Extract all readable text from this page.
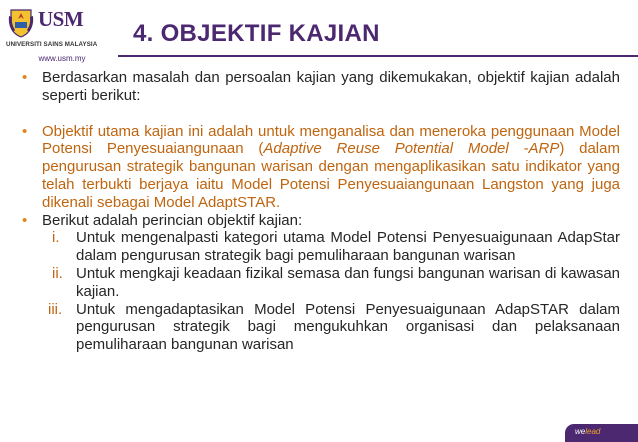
USM
UNIVERSITI SAINS MALAYSIA
www.usm.my
4. OBJEKTIF KAJIAN

• Berdasarkan masalah dan persoalan kajian yang dikemukakan, objektif kajian adalah seperti berikut:

• Objektif utama kajian ini adalah untuk menganalisa dan meneroka penggunaan Model Potensi Penyesuaiangunaan (Adaptive Reuse Potential Model -ARP) dalam pengurusan strategik bangunan warisan dengan mengaplikasikan satu indikator yang telah terbukti berjaya iaitu Model Potensi Penyesuaiangunaan Langston yang juga dikenali sebagai Model AdaptSTAR.

• Berikut adalah perincian objektif kajian:

i. Untuk mengenalpasti kategori utama Model Potensi Penyesuaigunaan AdapStar dalam pengurusan strategik bagi pemuliharaan bangunan warisan

ii. Untuk mengkaji keadaan fizikal semasa dan fungsi bangunan warisan di kawasan kajian.

iii. Untuk mengadaptasikan Model Potensi Penyesuaigunaan AdapSTAR dalam pengurusan strategik bagi mengukuhkan organisasi dan pelaksanaan pemuliharaan bangunan warisan

welead
